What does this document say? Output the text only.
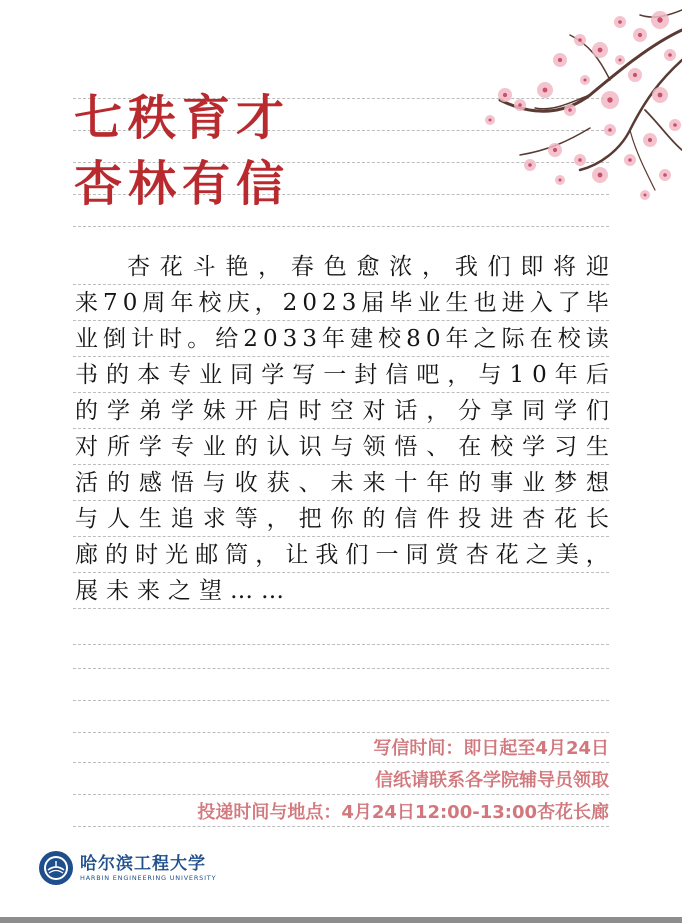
七秩育才
杏林有信
杏 花 斗 艳 ， 春 色 愈 浓 ， 我 们 即 将 迎
来 7 0 周 年 校 庆 ， 2 0 2 3 届 毕 业 生 也 进 入 了 毕
业 倒 计 时 。 给 2 0 3 3 年 建 校 8 0 年 之 际 在 校 读
书 的 本 专 业 同 学 写 一 封 信 吧 ， 与 1 0 年 后
的 学 弟 学 妹 开 启 时 空 对 话 ， 分 享 同 学 们
对 所 学 专 业 的 认 识 与 领 悟 、 在 校 学 习 生
活 的 感 悟 与 收 获 、 未 来 十 年 的 事 业 梦 想
与 人 生 追 求 等 ， 把 你 的 信 件 投 进 杏 花 长
廊 的 时 光 邮 筒 ， 让 我 们 一 同 赏 杏 花 之 美 ，
展未来之望……
写信时间：即日起至4月24日
信纸请联系各学院辅导员领取
投递时间与地点：4月24日12:00-13:00杏花长廊
哈尔滨工程大学
HARBIN ENGINEERING UNIVERSITY
